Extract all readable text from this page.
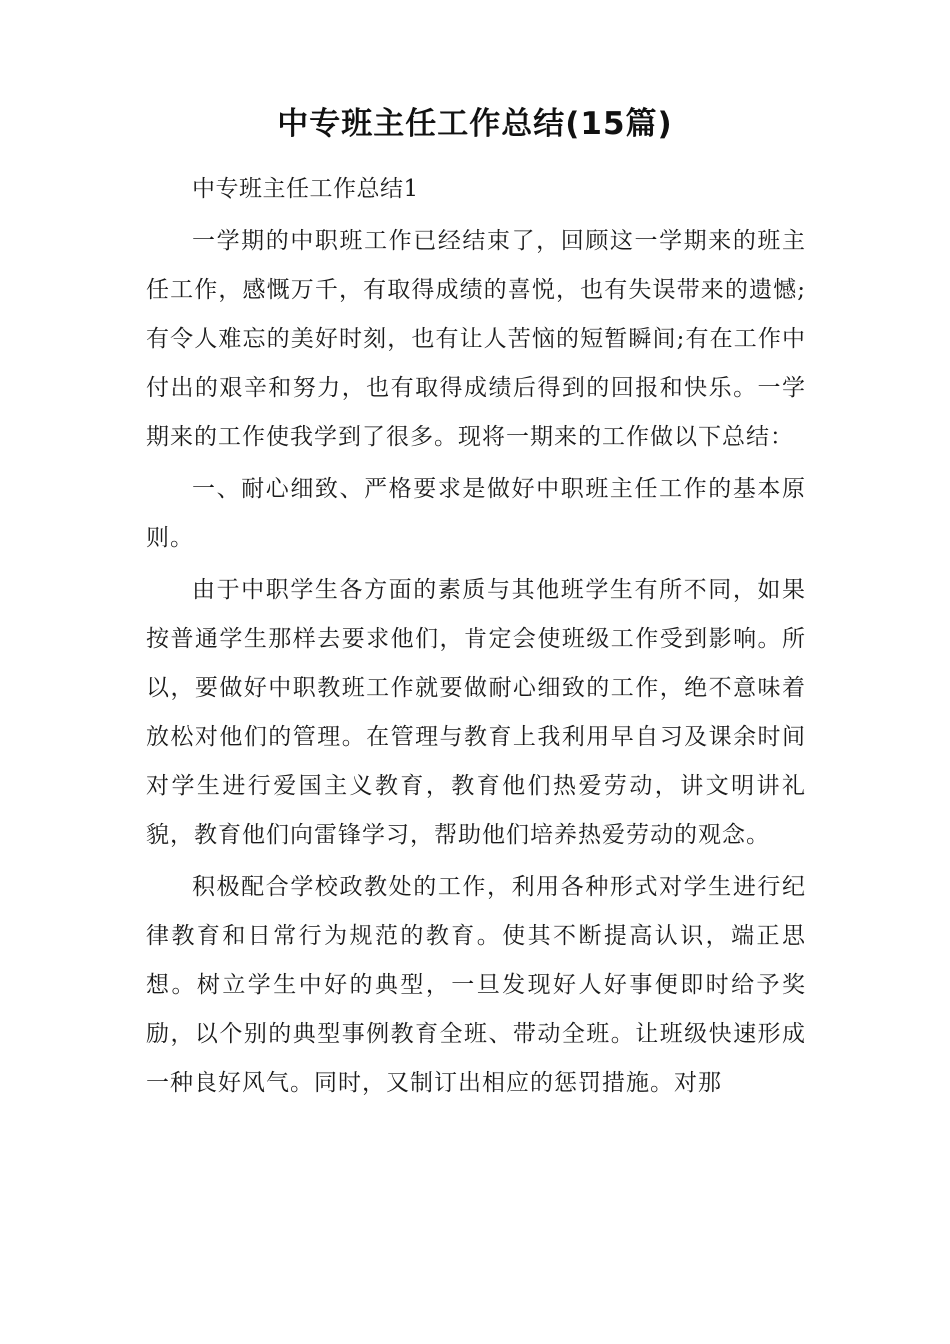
中专班主任工作总结(15篇)

中专班主任工作总结1

一学期的中职班工作已经结束了，回顾这一学期来的班主任工作，感慨万千，有取得成绩的喜悦，也有失误带来的遗憾;有令人难忘的美好时刻，也有让人苦恼的短暂瞬间;有在工作中付出的艰辛和努力，也有取得成绩后得到的回报和快乐。一学期来的工作使我学到了很多。现将一期来的工作做以下总结：

一、耐心细致、严格要求是做好中职班主任工作的基本原则。

由于中职学生各方面的素质与其他班学生有所不同，如果按普通学生那样去要求他们，肯定会使班级工作受到影响。所以，要做好中职教班工作就要做耐心细致的工作，绝不意味着放松对他们的管理。在管理与教育上我利用早自习及课余时间对学生进行爱国主义教育，教育他们热爱劳动，讲文明讲礼貌，教育他们向雷锋学习，帮助他们培养热爱劳动的观念。

积极配合学校政教处的工作，利用各种形式对学生进行纪律教育和日常行为规范的教育。使其不断提高认识，端正思想。树立学生中好的典型，一旦发现好人好事便即时给予奖励，以个别的典型事例教育全班、带动全班。让班级快速形成一种良好风气。同时，又制订出相应的惩罚措施。对那
